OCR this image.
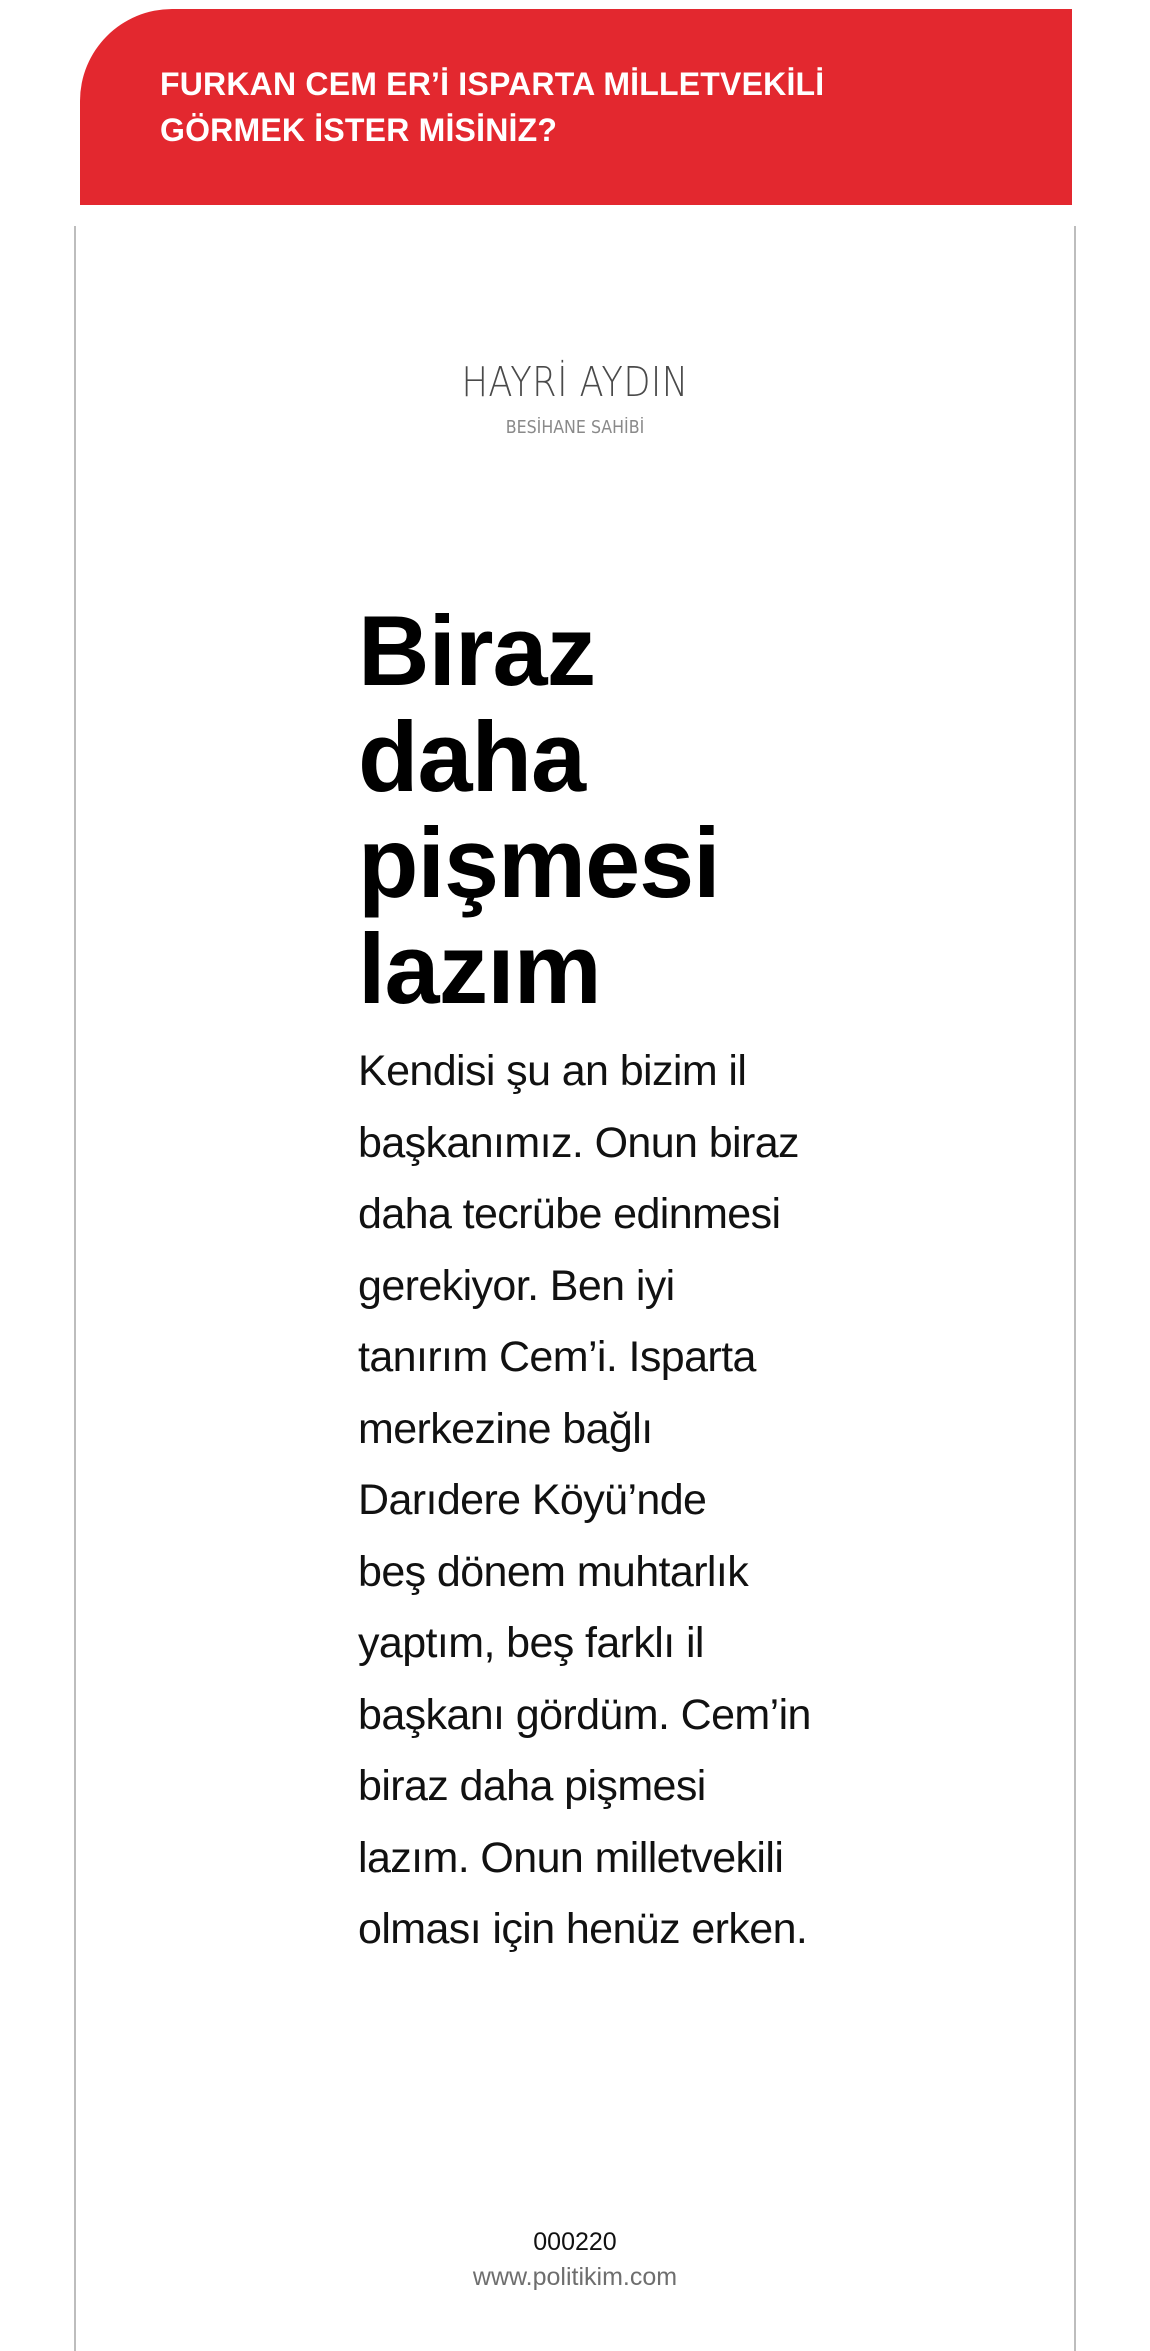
FURKAN CEM ER’İ ISPARTA MİLLETVEKİLİ
GÖRMEK İSTER MİSİNİZ?
HAYRİ AYDIN
BESİHANE SAHİBİ
Biraz
daha
pişmesi
lazım
Kendisi şu an bizim il
başkanımız. Onun biraz
daha tecrübe edinmesi
gerekiyor. Ben iyi
tanırım Cem’i. Isparta
merkezine bağlı
Darıdere Köyü’nde
beş dönem muhtarlık
yaptım, beş farklı il
başkanı gördüm. Cem’in
biraz daha pişmesi
lazım. Onun milletvekili
olması için henüz erken.
000220
www.politikim.com
